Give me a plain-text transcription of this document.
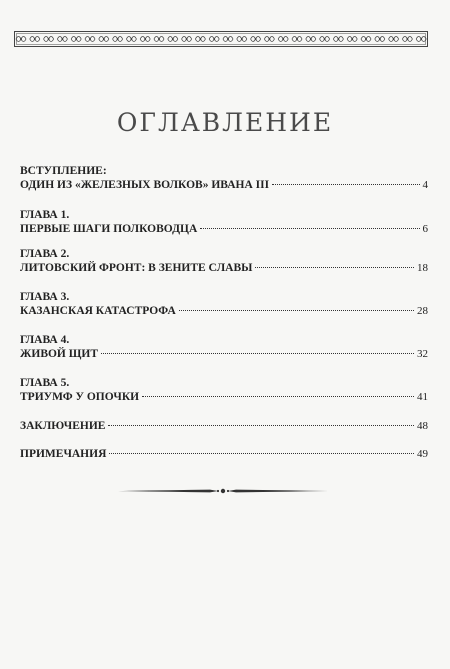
ОГЛАВЛЕНИЕ
ВСТУПЛЕНИЕ:
ОДИН ИЗ «ЖЕЛЕЗНЫХ ВОЛКОВ» ИВАНА III	4
ГЛАВА 1.
ПЕРВЫЕ ШАГИ ПОЛКОВОДЦА	6
ГЛАВА 2.
ЛИТОВСКИЙ ФРОНТ: В ЗЕНИТЕ СЛАВЫ	18
ГЛАВА 3.
КАЗАНСКАЯ КАТАСТРОФА	28
ГЛАВА 4.
ЖИВОЙ ЩИТ	32
ГЛАВА 5.
ТРИУМФ У ОПОЧКИ	41
ЗАКЛЮЧЕНИЕ	48
ПРИМЕЧАНИЯ	49
